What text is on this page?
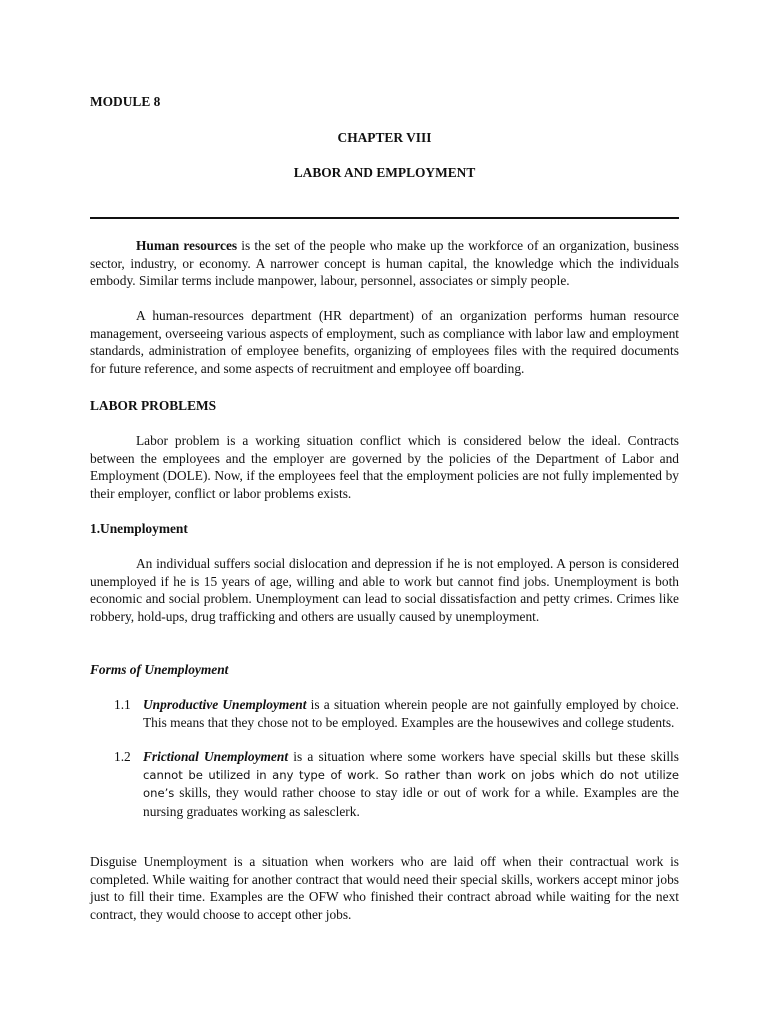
MODULE 8
CHAPTER VIII
LABOR AND EMPLOYMENT

Human resources is the set of the people who make up the workforce of an organization, business sector, industry, or economy. A narrower concept is human capital, the knowledge which the individuals embody. Similar terms include manpower, labour, personnel, associates or simply people.

A human-resources department (HR department) of an organization performs human resource management, overseeing various aspects of employment, such as compliance with labor law and employment standards, administration of employee benefits, organizing of employees files with the required documents for future reference, and some aspects of recruitment and employee off boarding.

LABOR PROBLEMS

Labor problem is a working situation conflict which is considered below the ideal. Contracts between the employees and the employer are governed by the policies of the Department of Labor and Employment (DOLE). Now, if the employees feel that the employment policies are not fully implemented by their employer, conflict or labor problems exists.

1.Unemployment

An individual suffers social dislocation and depression if he is not employed. A person is considered unemployed if he is 15 years of age, willing and able to work but cannot find jobs. Unemployment is both economic and social problem. Unemployment can lead to social dissatisfaction and petty crimes. Crimes like robbery, hold-ups, drug trafficking and others are usually caused by unemployment.

Forms of Unemployment
1.1 Unproductive Unemployment is a situation wherein people are not gainfully employed by choice. This means that they chose not to be employed. Examples are the housewives and college students.
1.2 Frictional Unemployment is a situation where some workers have special skills but these skills cannot be utilized in any type of work. So rather than work on jobs which do not utilize one’s skills, they would rather choose to stay idle or out of work for a while. Examples are the nursing graduates working as salesclerk.

Disguise Unemployment is a situation when workers who are laid off when their contractual work is completed. While waiting for another contract that would need their special skills, workers accept minor jobs just to fill their time. Examples are the OFW who finished their contract abroad while waiting for the next contract, they would choose to accept other jobs.
